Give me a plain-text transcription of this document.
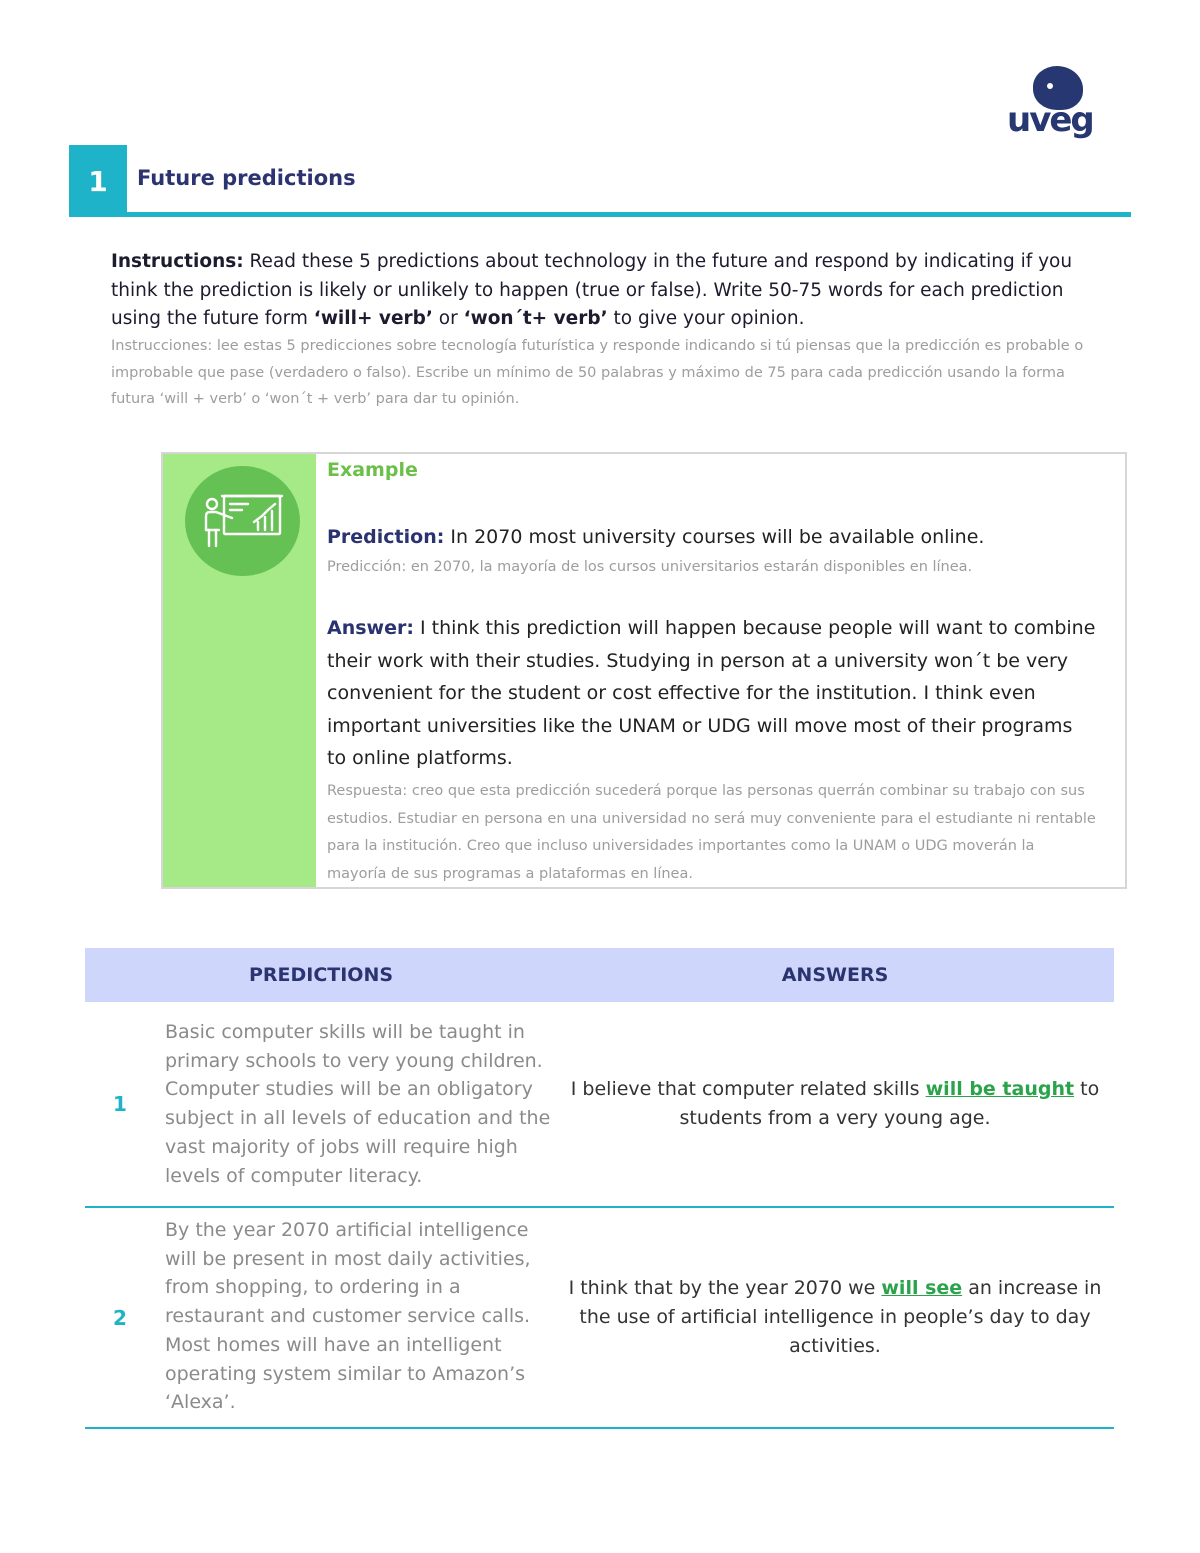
uveg
1	Future predictions

Instructions: Read these 5 predictions about technology in the future and respond by indicating if you think the prediction is likely or unlikely to happen (true or false). Write 50-75 words for each prediction using the future form ‘will+ verb’ or ‘won´t+ verb’ to give your opinion.

Instrucciones: lee estas 5 predicciones sobre tecnología futurística y responde indicando si tú piensas que la predicción es probable o improbable que pase (verdadero o falso). Escribe un mínimo de 50 palabras y máximo de 75 para cada predicción usando la forma futura ‘will + verb’ o ‘won´t + verb’ para dar tu opinión.

Example
Prediction: In 2070 most university courses will be available online.
Predicción: en 2070, la mayoría de los cursos universitarios estarán disponibles en línea.
Answer: I think this prediction will happen because people will want to combine their work with their studies. Studying in person at a university won´t be very convenient for the student or cost effective for the institution. I think even important universities like the UNAM or UDG will move most of their programs to online platforms.
Respuesta: creo que esta predicción sucederá porque las personas querrán combinar su trabajo con sus estudios. Estudiar en persona en una universidad no será muy conveniente para el estudiante ni rentable para la institución. Creo que incluso universidades importantes como la UNAM o UDG moverán la mayoría de sus programas a plataformas en línea.
PREDICTIONS	ANSWERS
1
Basic computer skills will be taught in primary schools to very young children. Computer studies will be an obligatory subject in all levels of education and the vast majority of jobs will require high levels of computer literacy.
I believe that computer related skills will be taught to students from a very young age.
2
By the year 2070 artificial intelligence will be present in most daily activities, from shopping, to ordering in a restaurant and customer service calls. Most homes will have an intelligent operating system similar to Amazon’s ‘Alexa’.
I think that by the year 2070 we will see an increase in the use of artificial intelligence in people’s day to day activities.
